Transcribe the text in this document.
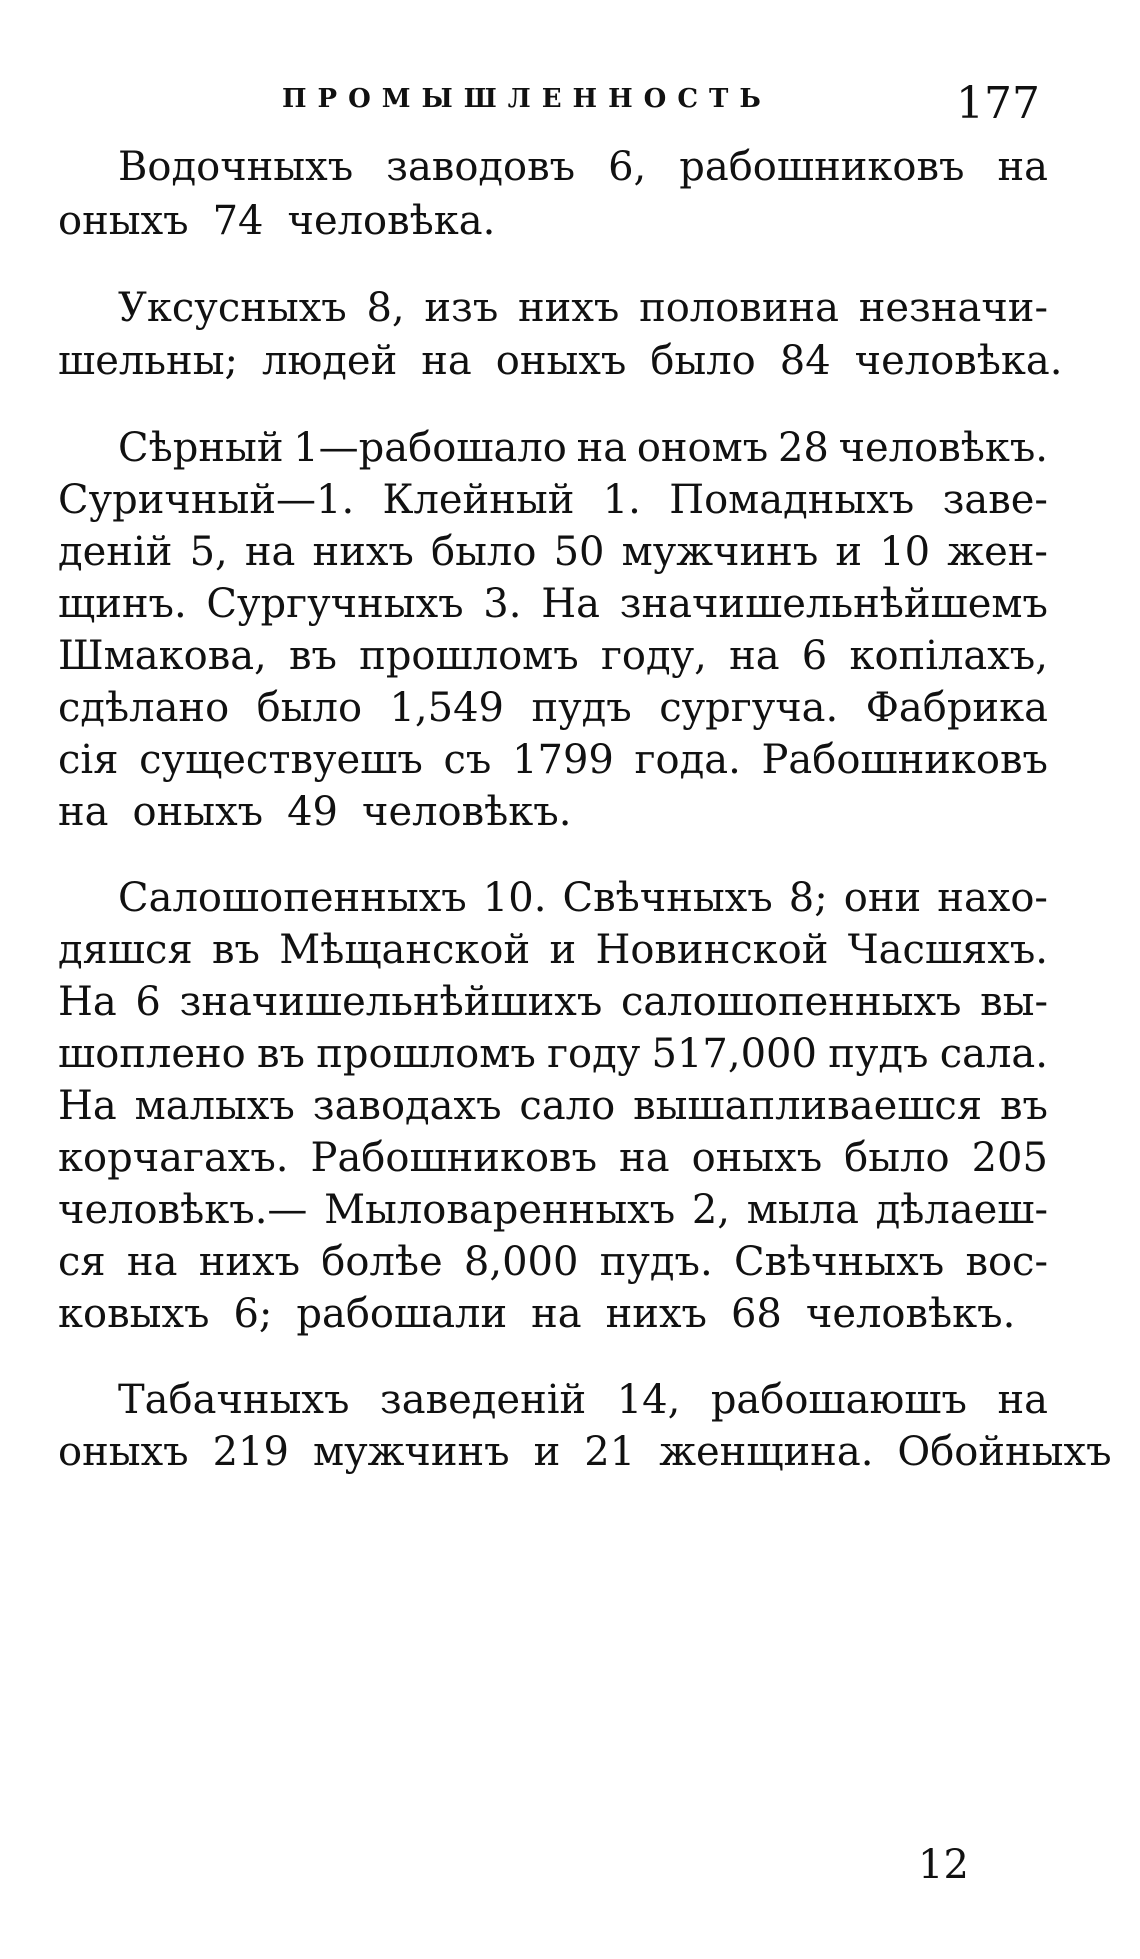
ПРОМЫШЛЕННОСТЬ	177
Водочныхъ заводовъ 6, рабошниковъ на
оныхъ 74 человѣка.
Уксусныхъ 8, изъ нихъ половина незначи-
шельны; людей на оныхъ было 84 человѣка.
Сѣрный 1—рабошало на ономъ 28 человѣкъ.
Суричный—1. Клейный 1. Помадныхъ заве-
деній 5, на нихъ было 50 мужчинъ и 10 жен-
щинъ. Сургучныхъ 3. На значишельнѣйшемъ
Шмакова, въ прошломъ году, на 6 копілахъ,
сдѣлано было 1,549 пудъ сургуча. Фабрика
сія существуешъ съ 1799 года. Рабошниковъ
на оныхъ 49 человѣкъ.
Салошопенныхъ 10. Свѣчныхъ 8; они нахо-
дяшся въ Мѣщанской и Новинской Часшяхъ.
На 6 значишельнѣйшихъ салошопенныхъ вы-
шоплено въ прошломъ году 517,000 пудъ сала.
На малыхъ заводахъ сало вышапливаешся въ
корчагахъ. Рабошниковъ на оныхъ было 205
человѣкъ.— Мыловаренныхъ 2, мыла дѣлаеш-
ся на нихъ болѣе 8,000 пудъ. Свѣчныхъ вос-
ковыхъ 6; рабошали на нихъ 68 человѣкъ.
Табачныхъ заведеній 14, рабошаюшъ на
оныхъ 219 мужчинъ и 21 женщина. Обойныхъ
12
